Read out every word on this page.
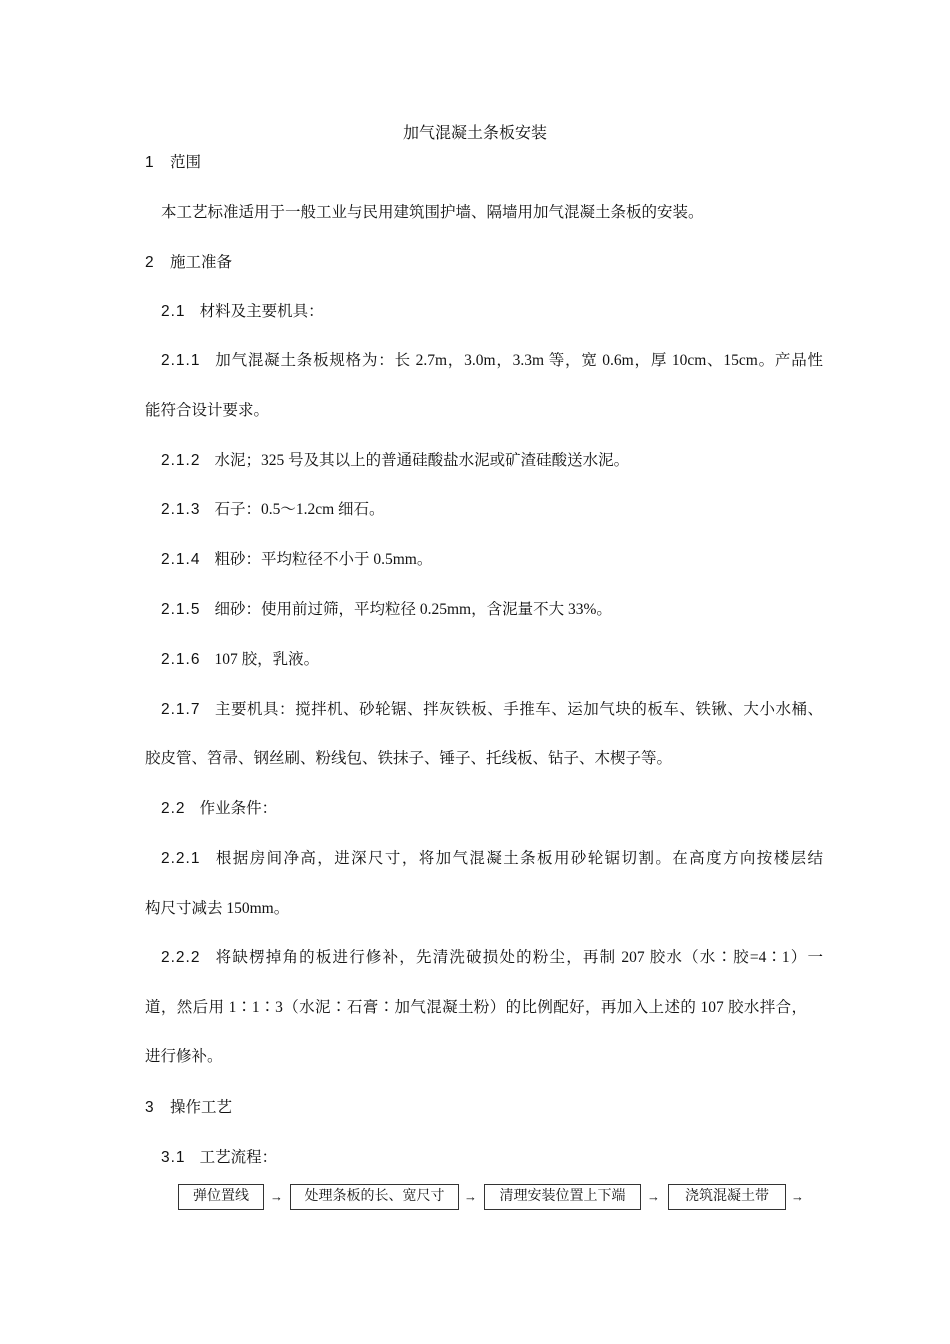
加气混凝土条板安装
1 范围
本工艺标准适用于一般工业与民用建筑围护墙、隔墙用加气混凝土条板的安装。
2 施工准备
2.1 材料及主要机具：
2.1.1 加气混凝土条板规格为：长 2.7m，3.0m，3.3m 等，宽 0.6m，厚 10cm、15cm。产品性
能符合设计要求。
2.1.2 水泥；325 号及其以上的普通硅酸盐水泥或矿渣硅酸送水泥。
2.1.3 石子：0.5～1.2cm 细石。
2.1.4 粗砂：平均粒径不小于 0.5mm。
2.1.5 细砂：使用前过筛，平均粒径 0.25mm，含泥量不大 33%。
2.1.6 107 胶，乳液。
2.1.7 主要机具：搅拌机、砂轮锯、拌灰铁板、手推车、运加气块的板车、铁锹、大小水桶、
胶皮管、笤帚、钢丝刷、粉线包、铁抹子、锤子、托线板、钻子、木楔子等。
2.2 作业条件：
2.2.1 根据房间净高，进深尺寸，将加气混凝土条板用砂轮锯切割。在高度方向按楼层结
构尺寸减去 150mm。
2.2.2 将缺楞掉角的板进行修补，先清洗破损处的粉尘，再制 207 胶水（水∶胶=4∶1）一
道，然后用 1∶1∶3（水泥∶石膏∶加气混凝土粉）的比例配好，再加入上述的 107 胶水拌合，
进行修补。
3 操作工艺
3.1 工艺流程：
弹位置线	→	处理条板的长、宽尺寸	→	清理安装位置上下端	→	浇筑混凝土带	→
